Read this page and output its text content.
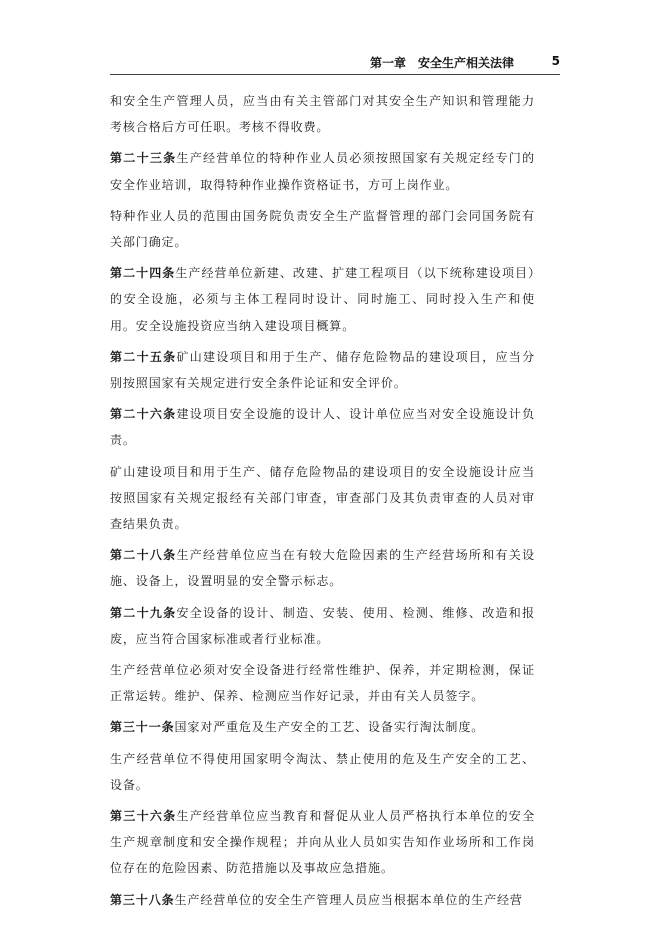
第一章　安全生产相关法律	5

和安全生产管理人员，应当由有关主管部门对其安全生产知识和管理能力考核合格后方可任职。考核不得收费。

第二十三条生产经营单位的特种作业人员必须按照国家有关规定经专门的安全作业培训，取得特种作业操作资格证书，方可上岗作业。

特种作业人员的范围由国务院负责安全生产监督管理的部门会同国务院有关部门确定。

第二十四条生产经营单位新建、改建、扩建工程项目（以下统称建设项目）的安全设施，必须与主体工程同时设计、同时施工、同时投入生产和使用。安全设施投资应当纳入建设项目概算。

第二十五条矿山建设项目和用于生产、储存危险物品的建设项目，应当分别按照国家有关规定进行安全条件论证和安全评价。

第二十六条建设项目安全设施的设计人、设计单位应当对安全设施设计负责。

矿山建设项目和用于生产、储存危险物品的建设项目的安全设施设计应当按照国家有关规定报经有关部门审查，审查部门及其负责审查的人员对审查结果负责。

第二十八条生产经营单位应当在有较大危险因素的生产经营场所和有关设施、设备上，设置明显的安全警示标志。

第二十九条安全设备的设计、制造、安装、使用、检测、维修、改造和报废，应当符合国家标准或者行业标准。

生产经营单位必须对安全设备进行经常性维护、保养，并定期检测，保证正常运转。维护、保养、检测应当作好记录，并由有关人员签字。

第三十一条国家对严重危及生产安全的工艺、设备实行淘汰制度。

生产经营单位不得使用国家明令淘汰、禁止使用的危及生产安全的工艺、设备。

第三十六条生产经营单位应当教育和督促从业人员严格执行本单位的安全生产规章制度和安全操作规程；并向从业人员如实告知作业场所和工作岗位存在的危险因素、防范措施以及事故应急措施。

第三十八条生产经营单位的安全生产管理人员应当根据本单位的生产经营
